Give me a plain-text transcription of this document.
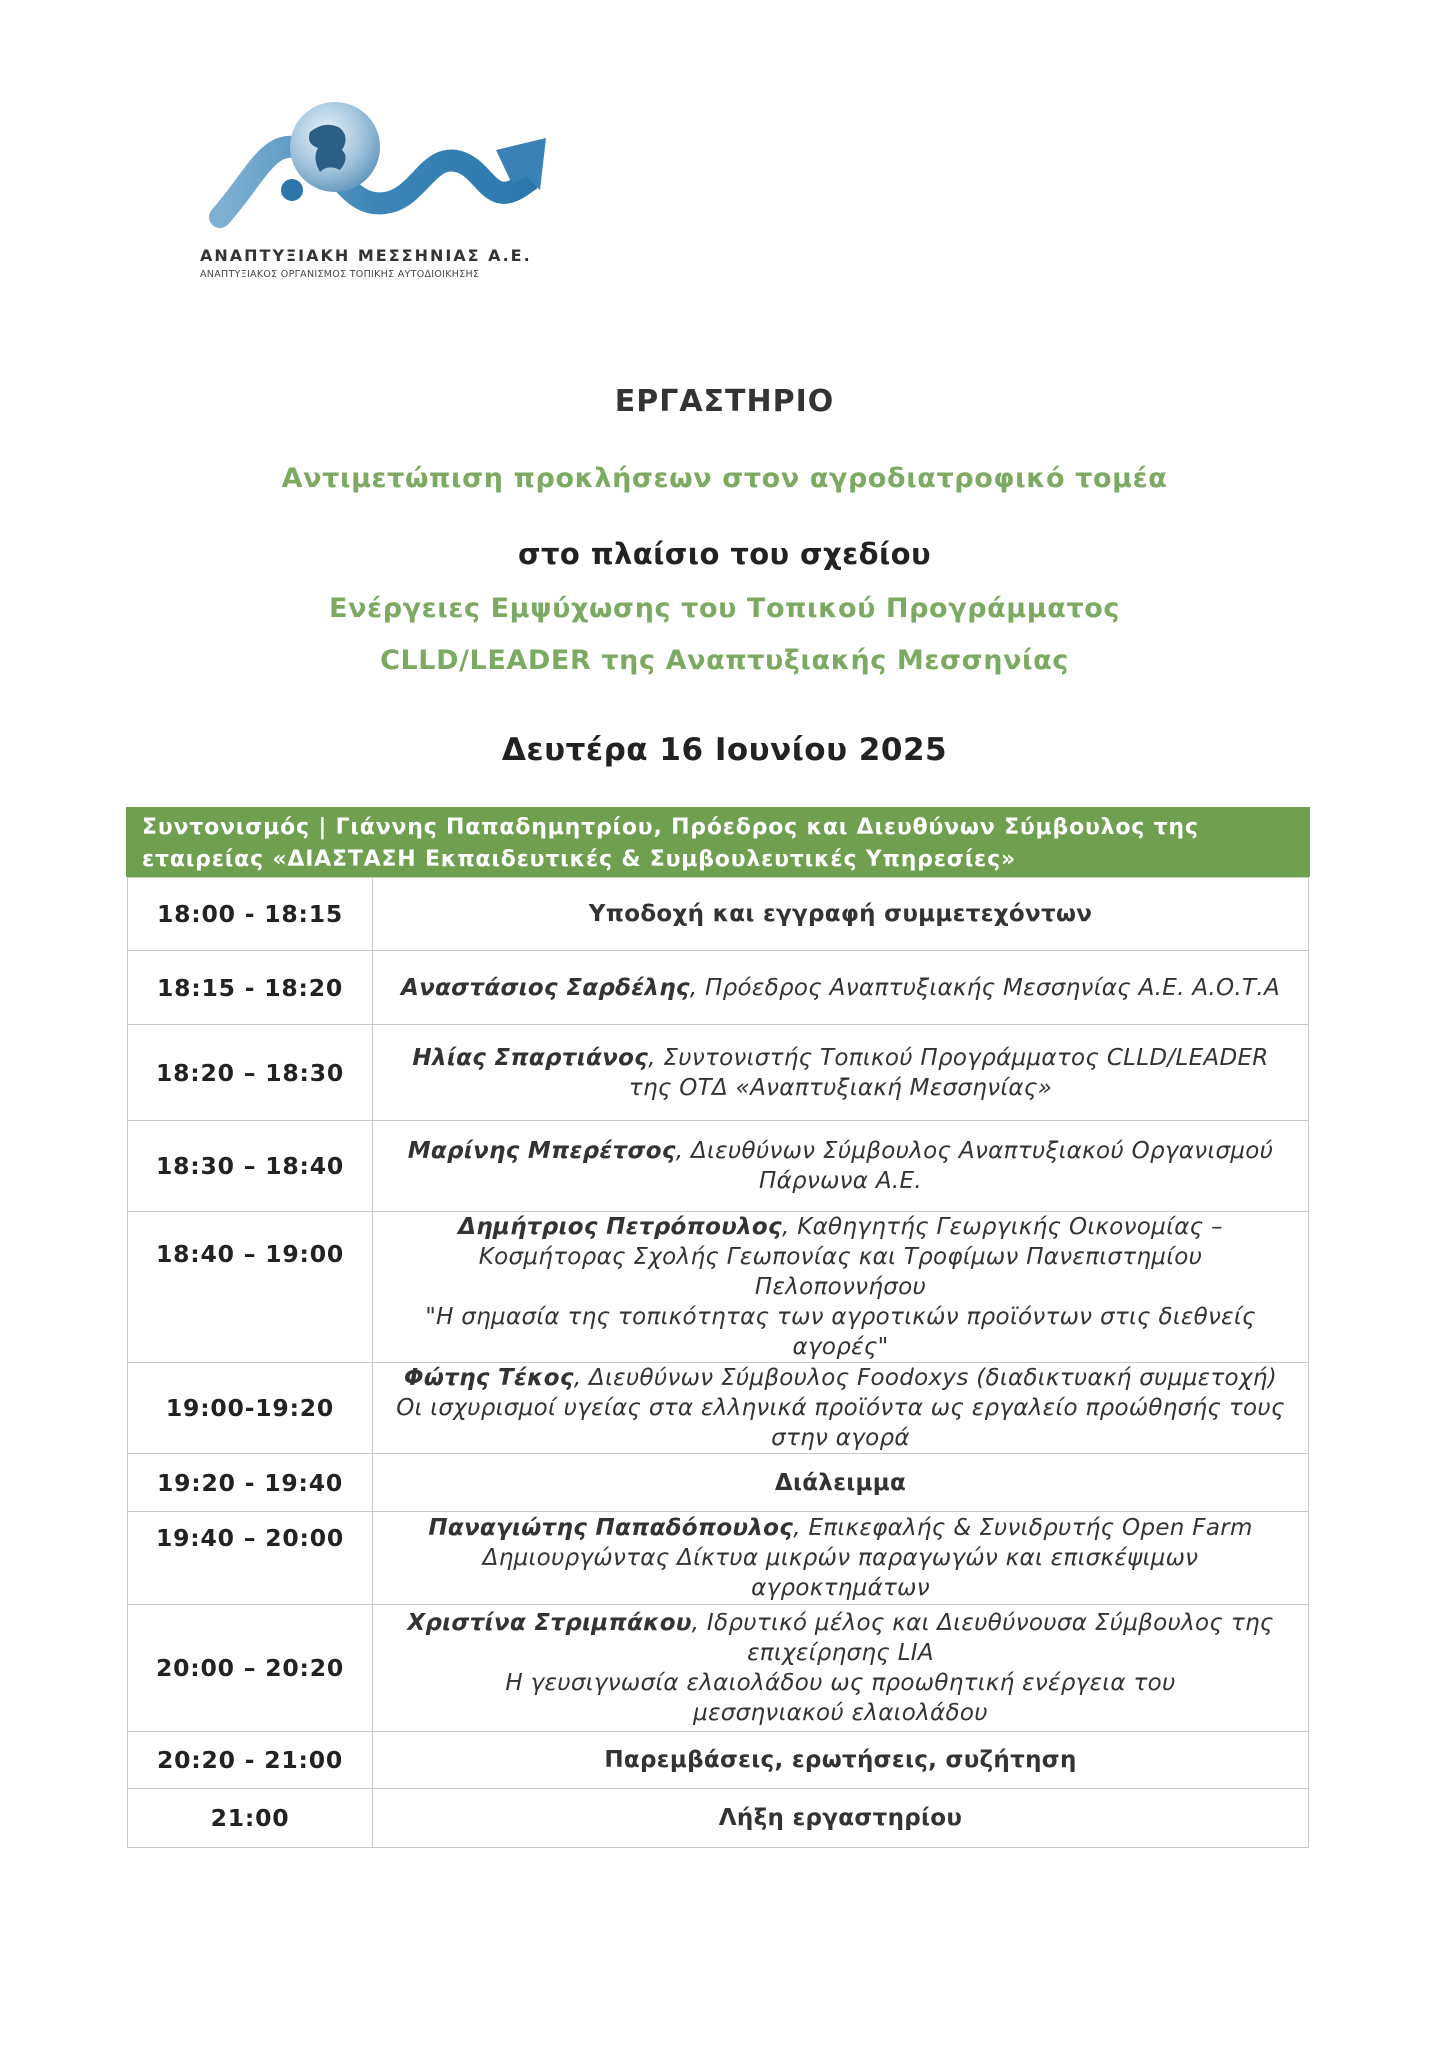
ΑΝΑΠΤΥΞΙΑΚΗ ΜΕΣΣΗΝΙΑΣ Α.Ε.
ΑΝΑΠΤΥΞΙΑΚΟΣ ΟΡΓΑΝΙΣΜΟΣ ΤΟΠΙΚΗΣ ΑΥΤΟΔΙΟΙΚΗΣΗΣ
ΕΡΓΑΣΤΗΡΙΟ
Αντιμετώπιση προκλήσεων στον αγροδιατροφικό τομέα
στο πλαίσιο του σχεδίου
Ενέργειες Εμψύχωσης του Τοπικού Προγράμματος
CLLD/LEADER της Αναπτυξιακής Μεσσηνίας
Δευτέρα 16 Ιουνίου 2025
Συντονισμός | Γιάννης Παπαδημητρίου, Πρόεδρος και Διευθύνων Σύμβουλος της
εταιρείας «ΔΙΑΣΤΑΣΗ Εκπαιδευτικές & Συμβουλευτικές Υπηρεσίες»
18:00 - 18:15	Υποδοχή και εγγραφή συμμετεχόντων

18:15 - 18:20	Αναστάσιος Σαρδέλης, Πρόεδρος Αναπτυξιακής Μεσσηνίας Α.Ε. Α.Ο.Τ.Α

18:20 – 18:30	Ηλίας Σπαρτιάνος, Συντονιστής Τοπικού Προγράμματος CLLD/LEADER
της ΟΤΔ «Αναπτυξιακή Μεσσηνίας»

18:30 – 18:40	Μαρίνης Μπερέτσος, Διευθύνων Σύμβουλος Αναπτυξιακού Οργανισμού
Πάρνωνα Α.Ε.

18:40 – 19:00	Δημήτριος Πετρόπουλος, Καθηγητής Γεωργικής Οικονομίας –
Κοσμήτορας Σχολής Γεωπονίας και Τροφίμων Πανεπιστημίου
Πελοποννήσου
"Η σημασία της τοπικότητας των αγροτικών προϊόντων στις διεθνείς
αγορές"

19:00-19:20	Φώτης Τέκος, Διευθύνων Σύμβουλος Foodoxys (διαδικτυακή συμμετοχή)
Οι ισχυρισμοί υγείας στα ελληνικά προϊόντα ως εργαλείο προώθησής τους
στην αγορά

19:20 - 19:40	Διάλειμμα

19:40 – 20:00	Παναγιώτης Παπαδόπουλος, Επικεφαλής & Συνιδρυτής Open Farm
Δημιουργώντας Δίκτυα μικρών παραγωγών και επισκέψιμων
αγροκτημάτων

20:00 – 20:20	Χριστίνα Στριμπάκου, Ιδρυτικό μέλος και Διευθύνουσα Σύμβουλος της
επιχείρησης LIA
Η γευσιγνωσία ελαιολάδου ως προωθητική ενέργεια του
μεσσηνιακού ελαιολάδου

20:20 - 21:00	Παρεμβάσεις, ερωτήσεις, συζήτηση

21:00	Λήξη εργαστηρίου
